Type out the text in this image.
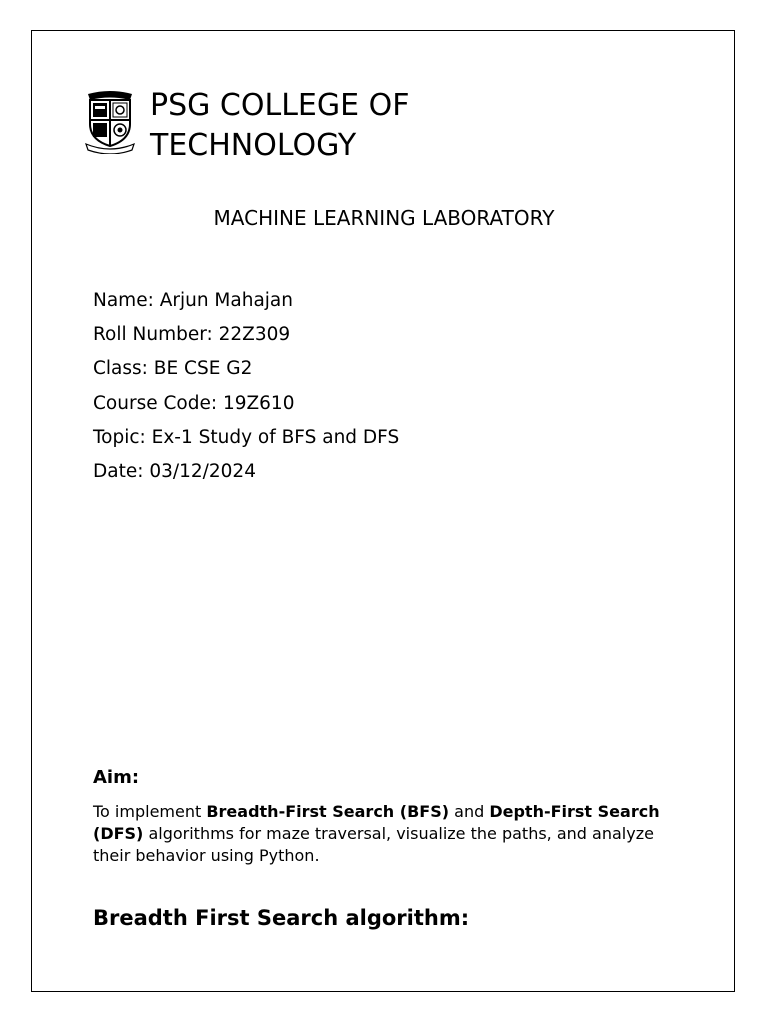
PSG COLLEGE OF
TECHNOLOGY
MACHINE LEARNING LABORATORY
Name: Arjun Mahajan
Roll Number: 22Z309
Class: BE CSE G2
Course Code: 19Z610
Topic: Ex-1 Study of BFS and DFS
Date: 03/12/2024
Aim:

To implement Breadth-First Search (BFS) and Depth-First Search (DFS) algorithms for maze traversal, visualize the paths, and analyze their behavior using Python.

Breadth First Search algorithm:
